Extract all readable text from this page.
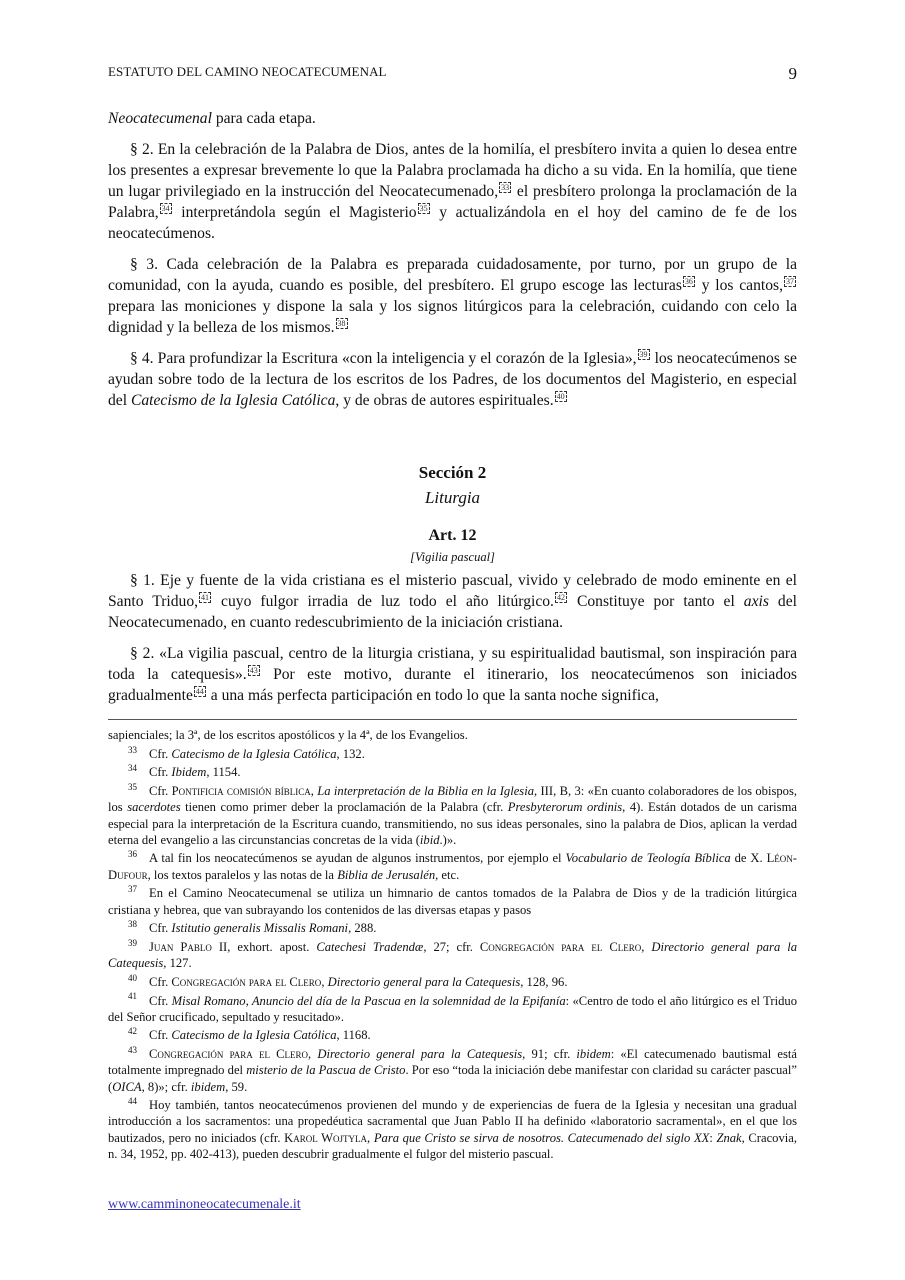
ESTATUTO DEL CAMINO NEOCATECUMENAL	9

Neocatecumenal para cada etapa.

§ 2. En la celebración de la Palabra de Dios, antes de la homilía, el presbítero invita a quien lo desea entre los presentes a expresar brevemente lo que la Palabra proclamada ha dicho a su vida. En la homilía, que tiene un lugar privilegiado en la instrucción del Neocatecumenado, $^{33}$ el presbítero prolonga la proclamación de la Palabra, $^{34}$ interpretándola según el Magisterio $^{35}$ y actualizándola en el hoy del camino de fe de los neocatecúmenos.

§ 3. Cada celebración de la Palabra es preparada cuidadosamente, por turno, por un grupo de la comunidad, con la ayuda, cuando es posible, del presbítero. El grupo escoge las lecturas $^{36}$ y los cantos, $^{37}$ prepara las moniciones y dispone la sala y los signos litúrgicos para la celebración, cuidando con celo la dignidad y la belleza de los mismos. $^{38}$

§ 4. Para profundizar la Escritura «con la inteligencia y el corazón de la Iglesia», $^{39}$ los neocatecúmenos se ayudan sobre todo de la lectura de los escritos de los Padres, de los documentos del Magisterio, en especial del Catecismo de la Iglesia Católica, y de obras de autores espirituales. $^{40}$

Sección 2
Liturgia
Art. 12
[Vigilia pascual]

§ 1. Eje y fuente de la vida cristiana es el misterio pascual, vivido y celebrado de modo eminente en el Santo Triduo, $^{41}$ cuyo fulgor irradia de luz todo el año litúrgico. $^{42}$ Constituye por tanto el axis del Neocatecumenado, en cuanto redescubrimiento de la iniciación cristiana.

§ 2. «La vigilia pascual, centro de la liturgia cristiana, y su espiritualidad bautismal, son inspiración para toda la catequesis». $^{43}$ Por este motivo, durante el itinerario, los neocatecúmenos son iniciados gradualmente $^{44}$ a una más perfecta participación en todo lo que la santa noche significa,

sapienciales; la 3ª, de los escritos apostólicos y la 4ª, de los Evangelios.

$^{33}$ Cfr. Catecismo de la Iglesia Católica, 132.

$^{34}$ Cfr. Ibidem, 1154.

$^{35}$ Cfr. Pontificia comisión bíblica, La interpretación de la Biblia en la Iglesia, III, B, 3: «En cuanto colaboradores de los obispos, los sacerdotes tienen como primer deber la proclamación de la Palabra (cfr. Presbyterorum ordinis, 4). Están dotados de un carisma especial para la interpretación de la Escritura cuando, transmitiendo, no sus ideas personales, sino la palabra de Dios, aplican la verdad eterna del evangelio a las circunstancias concretas de la vida (ibid.)».

$^{36}$ A tal fin los neocatecúmenos se ayudan de algunos instrumentos, por ejemplo el Vocabulario de Teología Bíblica de X. Léon-Dufour, los textos paralelos y las notas de la Biblia de Jerusalén, etc.

$^{37}$ En el Camino Neocatecumenal se utiliza un himnario de cantos tomados de la Palabra de Dios y de la tradición litúrgica cristiana y hebrea, que van subrayando los contenidos de las diversas etapas y pasos

$^{38}$ Cfr. Istitutio generalis Missalis Romani, 288.

$^{39}$ Juan Pablo II, exhort. apost. Catechesi Tradendæ, 27; cfr. Congregación para el Clero, Directorio general para la Catequesis, 127.

$^{40}$ Cfr. Congregación para el Clero, Directorio general para la Catequesis, 128, 96.

$^{41}$ Cfr. Misal Romano, Anuncio del día de la Pascua en la solemnidad de la Epifanía: «Centro de todo el año litúrgico es el Triduo del Señor crucificado, sepultado y resucitado».

$^{42}$ Cfr. Catecismo de la Iglesia Católica, 1168.

$^{43}$ Congregación para el Clero, Directorio general para la Catequesis, 91; cfr. ibidem: «El catecumenado bautismal está totalmente impregnado del misterio de la Pascua de Cristo. Por eso “toda la iniciación debe manifestar con claridad su carácter pascual” (OICA, 8)»; cfr. ibidem, 59.

$^{44}$ Hoy también, tantos neocatecúmenos provienen del mundo y de experiencias de fuera de la Iglesia y necesitan una gradual introducción a los sacramentos: una propedéutica sacramental que Juan Pablo II ha definido «laboratorio sacramental», en el que los bautizados, pero no iniciados (cfr. Karol Wojtyla, Para que Cristo se sirva de nosotros. Catecumenado del siglo XX: Znak, Cracovia, n. 34, 1952, pp. 402-413), pueden descubrir gradualmente el fulgor del misterio pascual.

www.camminoneocatecumenale.it
